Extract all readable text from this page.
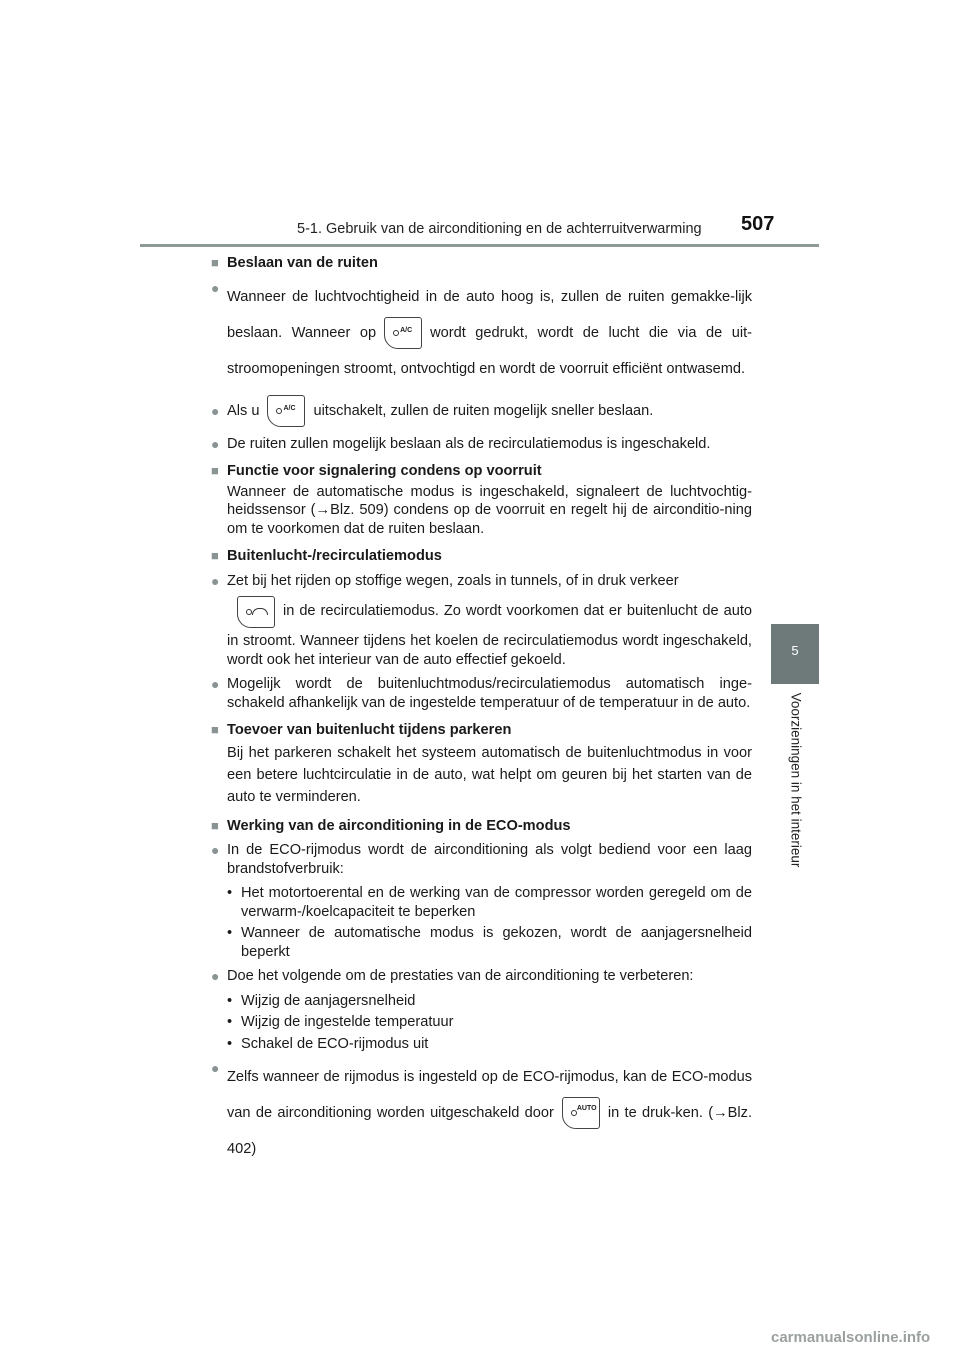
5-1. Gebruik van de airconditioning en de achterruitverwarming 507
5
Voorzieningen in het interieur
■ Beslaan van de ruiten
●
Wanneer de luchtvochtigheid in de auto hoog is, zullen de ruiten gemakke-lijk beslaan. Wanneer op	A/C wordt gedrukt, wordt de lucht die via de uit-stroomopeningen stroomt, ontvochtigd en wordt de voorruit efficiënt ontwasemd.
● Als u	A/C uitschakelt, zullen de ruiten mogelijk sneller beslaan.
● De ruiten zullen mogelijk beslaan als de recirculatiemodus is ingeschakeld.
■ Functie voor signalering condens op voorruit
Wanneer de automatische modus is ingeschakeld, signaleert de luchtvochtig-heidssensor (→Blz. 509) condens op de voorruit en regelt hij de airconditio-ning om te voorkomen dat de ruiten beslaan.
■ Buitenlucht-/recirculatiemodus
● Zet bij het rijden op stoffige wegen, zoals in tunnels, of in druk verkeer

in de recirculatiemodus. Zo wordt voorkomen dat er buitenlucht de auto in stroomt. Wanneer tijdens het koelen de recirculatiemodus wordt ingeschakeld, wordt ook het interieur van de auto effectief gekoeld.
● Mogelijk wordt de buitenluchtmodus/recirculatiemodus automatisch inge-schakeld afhankelijk van de ingestelde temperatuur of de temperatuur in de auto.
■ Toevoer van buitenlucht tijdens parkeren
Bij het parkeren schakelt het systeem automatisch de buitenluchtmodus in voor een betere luchtcirculatie in de auto, wat helpt om geuren bij het starten van de auto te verminderen.
■ Werking van de airconditioning in de ECO-modus
● In de ECO-rijmodus wordt de airconditioning als volgt bediend voor een laag brandstofverbruik:
• Het motortoerental en de werking van de compressor worden geregeld om de verwarm-/koelcapaciteit te beperken
• Wanneer de automatische modus is gekozen, wordt de aanjagersnelheid beperkt
● Doe het volgende om de prestaties van de airconditioning te verbeteren:
• Wijzig de aanjagersnelheid
• Wijzig de ingestelde temperatuur
• Schakel de ECO-rijmodus uit
●
Zelfs wanneer de rijmodus is ingesteld op de ECO-rijmodus, kan de ECO-modus van de airconditioning worden uitgeschakeld door	AUTO in te druk-ken. (→Blz. 402)
carmanualsonline.info
